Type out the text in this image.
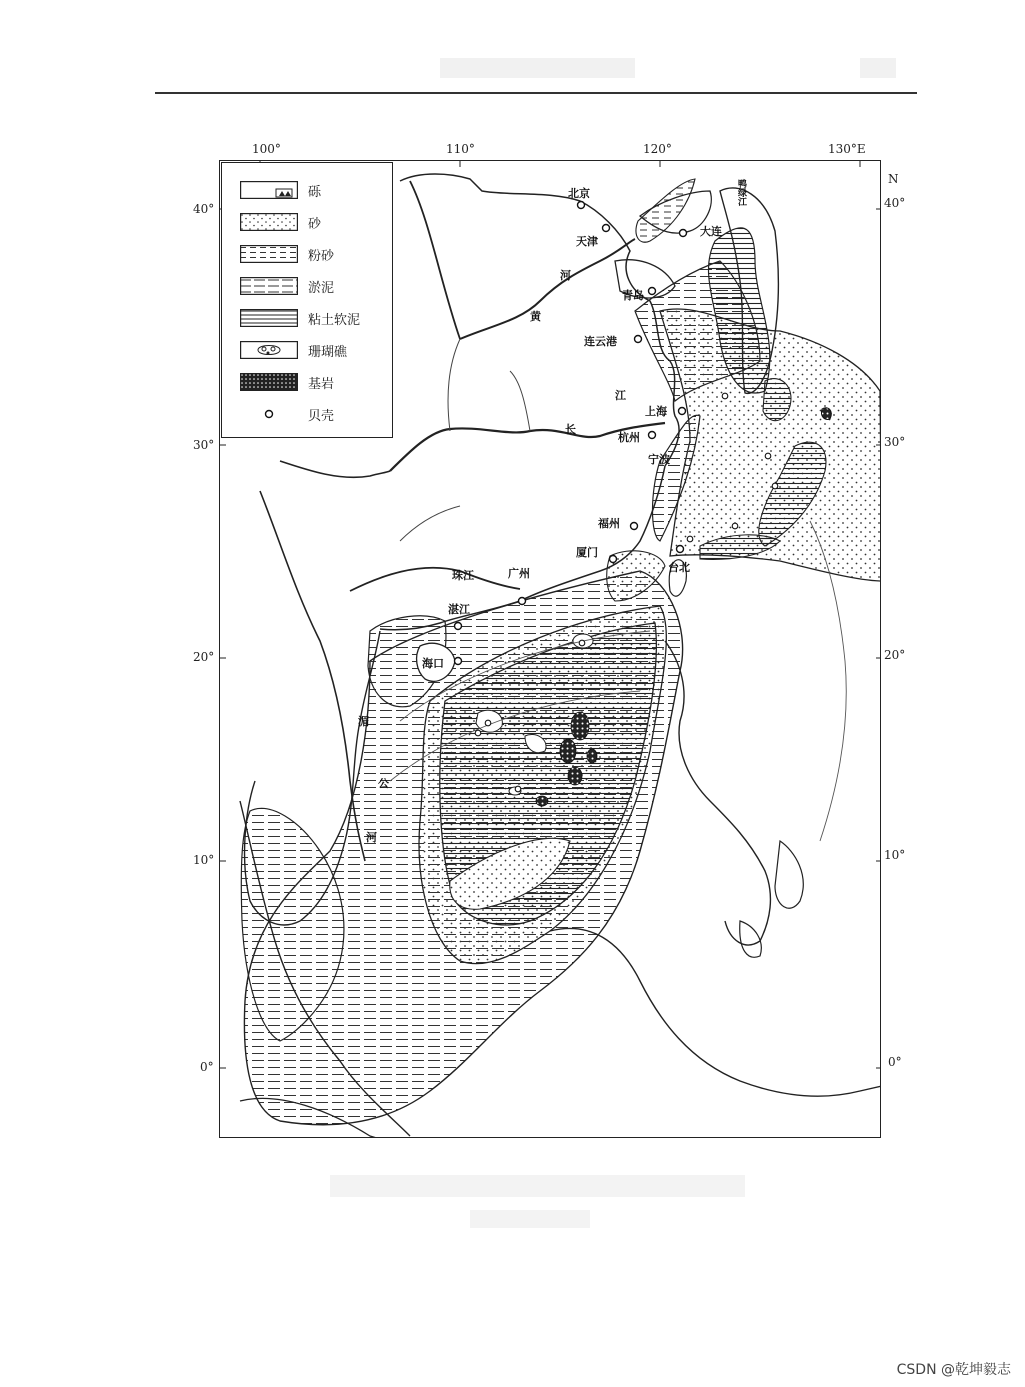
100°	110°	120°	130°E
40°
30°
20°
10°
0°
N
40°
30°
20°
10°
0°
北京
天津
大连
青岛
连云港
上海
杭州
宁波
福州
厦门
台北
广州
湛江
海口
黄
河
长
江
珠江
湄
公
河
鸭绿江
砾
砂
粉砂
淤泥
粘土软泥
珊瑚礁
基岩
贝壳
CSDN @乾坤毅志
